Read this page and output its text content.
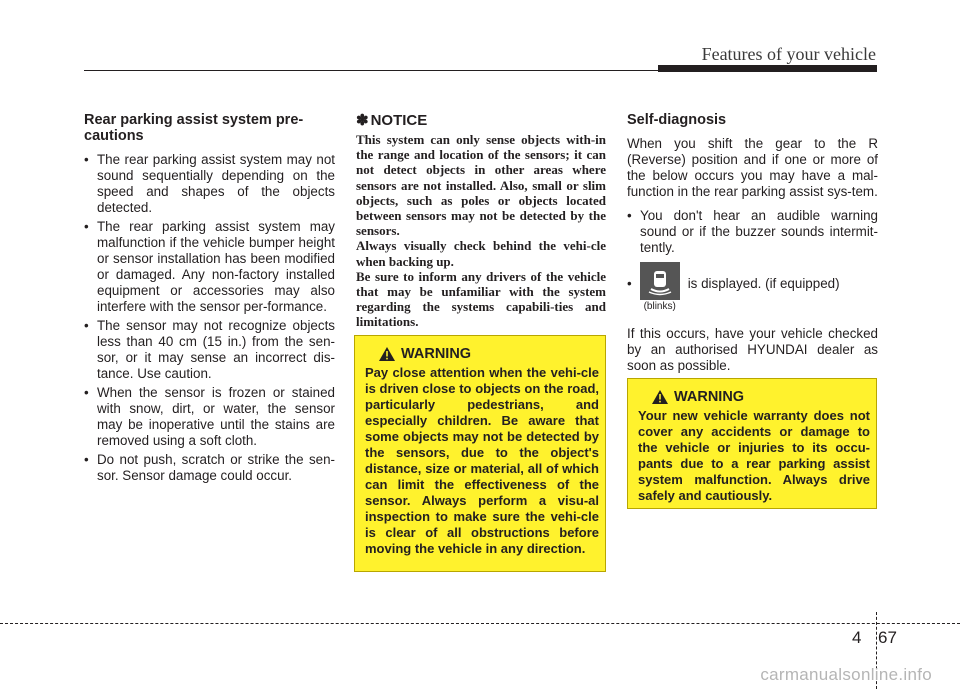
Features of your vehicle
Rear parking assist system pre-cautions
• The rear parking assist system may not sound sequentially depending on the speed and shapes of the objects detected.
• The rear parking assist system may malfunction if the vehicle bumper height or sensor installation has been modified or damaged. Any non-factory installed equipment or accessories may also interfere with the sensor per-formance.
• The sensor may not recognize objects less than 40 cm (15 in.) from the sen-sor, or it may sense an incorrect dis-tance. Use caution.
• When the sensor is frozen or stained with snow, dirt, or water, the sensor may be inoperative until the stains are removed using a soft cloth.
• Do not push, scratch or strike the sen-sor. Sensor damage could occur.
✽ NOTICE

This system can only sense objects with-in the range and location of the sensors; it can not detect objects in other areas where sensors are not installed. Also, small or slim objects, such as poles or objects located between sensors may not be detected by the sensors.

Always visually check behind the vehi-cle when backing up.

Be sure to inform any drivers of the vehicle that may be unfamiliar with the system regarding the systems capabili-ties and limitations.

WARNING
Pay close attention when the vehi-cle is driven close to objects on the road, particularly pedestrians, and especially children. Be aware that some objects may not be detected by the sensors, due to the object's distance, size or material, all of which can limit the effectiveness of the sensor. Always perform a visu-al inspection to make sure the vehi-cle is clear of all obstructions before moving the vehicle in any direction.
Self-diagnosis

When you shift the gear to the R (Reverse) position and if one or more of the below occurs you may have a mal-function in the rear parking assist sys-tem.

• You don't hear an audible warning sound or if the buzzer sounds intermit-tently.
•
(blinks)
is displayed. (if equipped)

If this occurs, have your vehicle checked by an authorised HYUNDAI dealer as soon as possible.

WARNING
Your new vehicle warranty does not cover any accidents or damage to the vehicle or injuries to its occu-pants due to a rear parking assist system malfunction. Always drive safely and cautiously.
4 67
carmanualsonline.info
